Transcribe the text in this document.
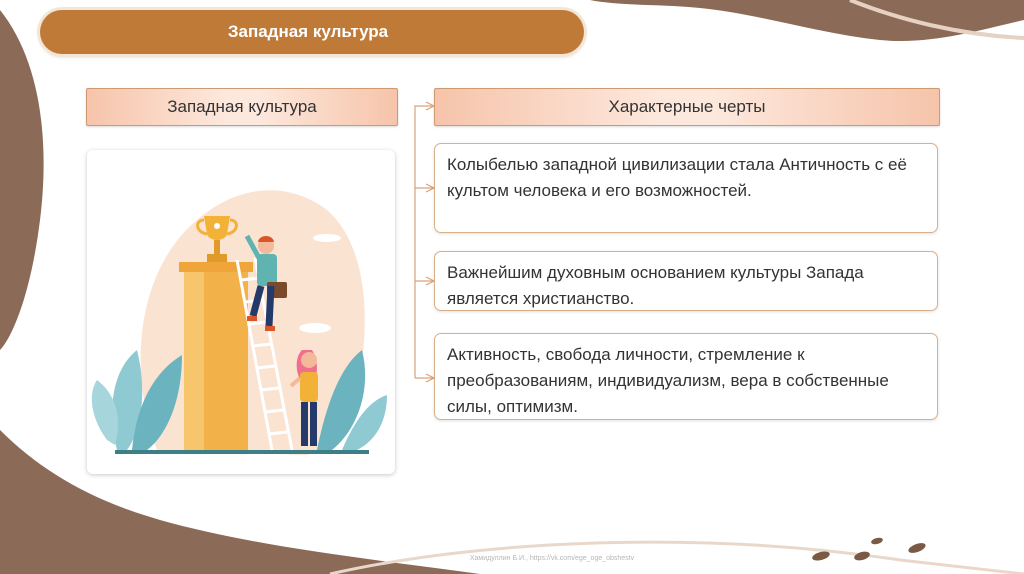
Западная культура
Западная культура	Характерные черты
Колыбелью западной цивилизации стала Античность с её культом человека и его возможностей.
Важнейшим духовным основанием культуры Запада является христианство.
Активность, свобода личности, стремление к преобразованиям, индивидуализм, вера в собственные силы, оптимизм.
Хамидуллин Б.И., https://vk.com/ege_oge_obshestv
